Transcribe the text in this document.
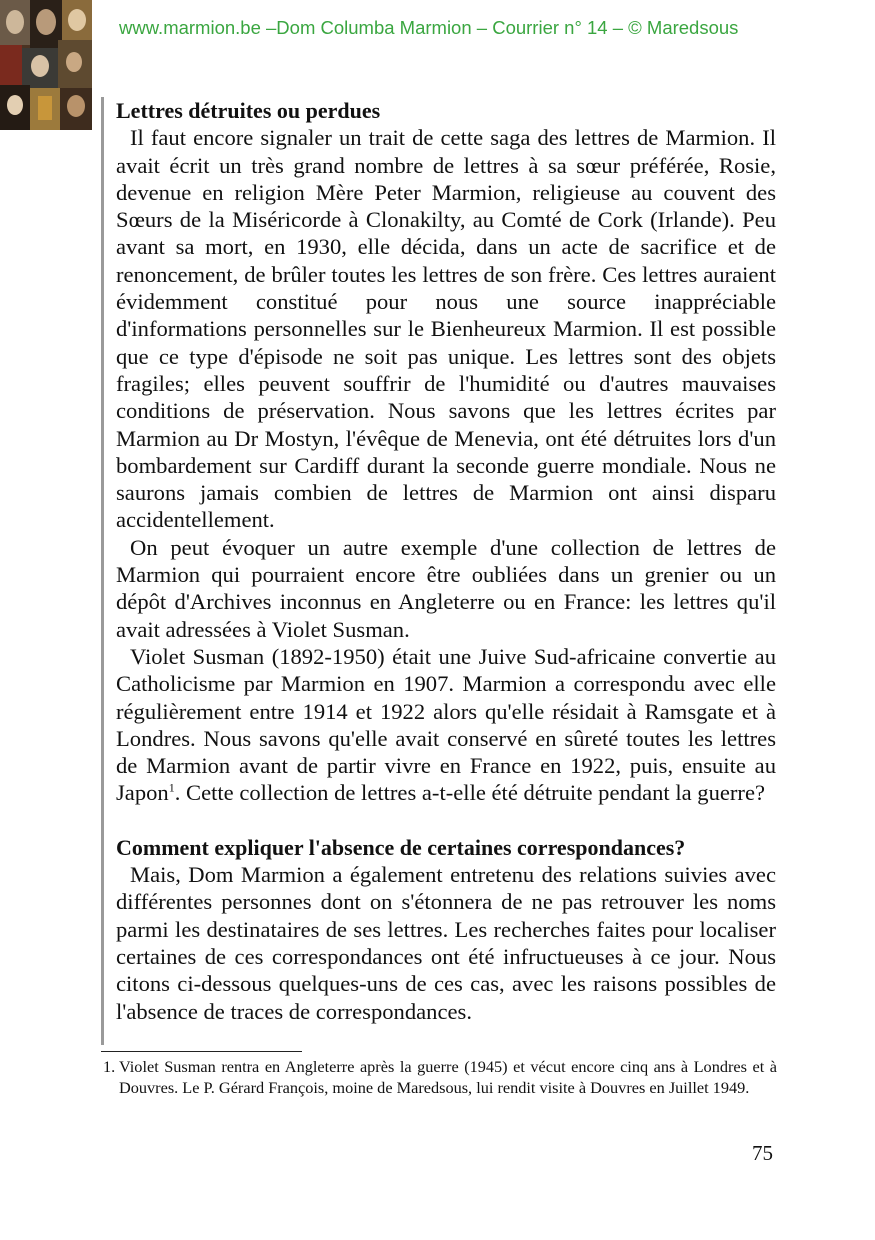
www.marmion.be –Dom Columba Marmion – Courrier n° 14 – © Maredsous
Lettres détruites ou perdues

Il faut encore signaler un trait de cette saga des lettres de Marmion. Il avait écrit un très grand nombre de lettres à sa sœur préférée, Rosie, devenue en religion Mère Peter Marmion, religieuse au couvent des Sœurs de la Miséricorde à Clonakilty, au Comté de Cork (Irlande). Peu avant sa mort, en 1930, elle décida, dans un acte de sacrifice et de renoncement, de brûler toutes les lettres de son frère. Ces lettres auraient évidemment constitué pour nous une source inappréciable d'informations personnelles sur le Bienheureux Marmion. Il est possible que ce type d'épisode ne soit pas unique. Les lettres sont des objets fragiles; elles peuvent souffrir de l'humidité ou d'autres mauvaises conditions de préservation. Nous savons que les lettres écrites par Marmion au Dr Mostyn, l'évêque de Menevia, ont été détruites lors d'un bombardement sur Cardiff durant la seconde guerre mondiale. Nous ne saurons jamais combien de lettres de Marmion ont ainsi disparu accidentellement.

On peut évoquer un autre exemple d'une collection de lettres de Marmion qui pourraient encore être oubliées dans un grenier ou un dépôt d'Archives inconnus en Angleterre ou en France: les lettres qu'il avait adressées à Violet Susman.

Violet Susman (1892-1950) était une Juive Sud-africaine convertie au Catholicisme par Marmion en 1907. Marmion a correspondu avec elle régulièrement entre 1914 et 1922 alors qu'elle résidait à Ramsgate et à Londres. Nous savons qu'elle avait conservé en sûreté toutes les lettres de Marmion avant de partir vivre en France en 1922, puis, ensuite au Japon$^1$. Cette collection de lettres a-t-elle été détruite pendant la guerre?

Comment expliquer l'absence de certaines correspondances?

Mais, Dom Marmion a également entretenu des relations suivies avec différentes personnes dont on s'étonnera de ne pas retrouver les noms parmi les destinataires de ses lettres. Les recherches faites pour localiser certaines de ces correspondances ont été infructueuses à ce jour. Nous citons ci-dessous quelques-uns de ces cas, avec les raisons possibles de l'absence de traces de correspondances.

1. Violet Susman rentra en Angleterre après la guerre (1945) et vécut encore cinq ans à Londres et à Douvres. Le P. Gérard François, moine de Maredsous, lui rendit visite à Douvres en Juillet 1949.
75
